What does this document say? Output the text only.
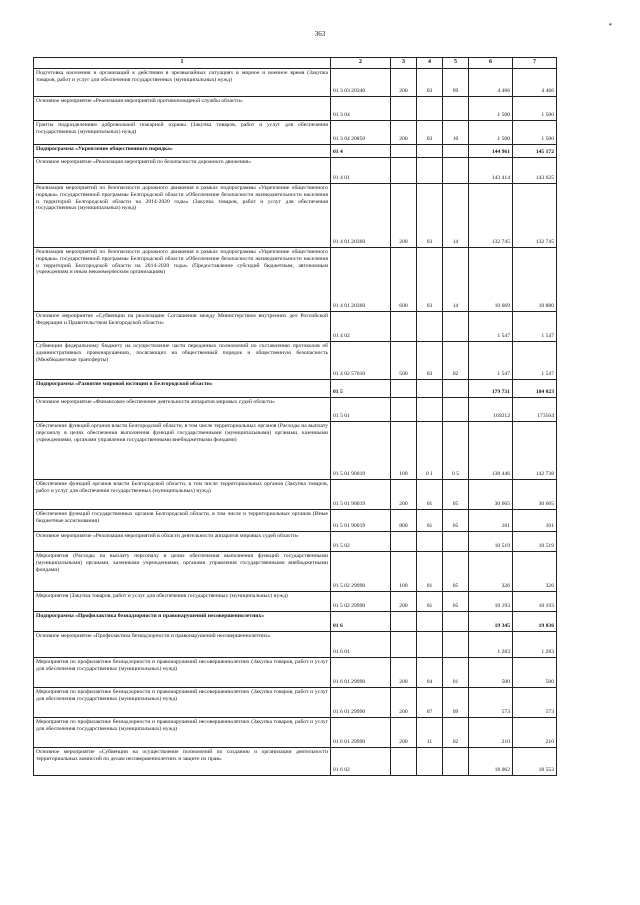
363
*
1	2	3	4	5	6	7
Подготовка населения и организаций к действиям в чрезвычайных ситуациях в мирное и военное время (Закупка товаров, работ и услуг для обеспечения государственных (муниципальных) нужд)	01 3 03 20340	200	03	09	4 466	4 466
Основное мероприятие «Реализация мероприятий противопожарной службы области»	01 3 04				1 500	1 500
Гранты подразделениям добровольной пожарной охраны (Закупка товаров, работ и услуг для обеспечения государственных (муниципальных) нужд)	01 3 04 20850	200	03	10	1 500	1 500
Подпрограмма «Укрепление общественного порядка»	01 4				144 961	145 172
Основное мероприятие «Реализация мероприятий по безопасности дорожного движения»	01 4 01				143 414	143 625
Реализация мероприятий по безопасности дорожного движения в рамках подпрограммы «Укрепление общественного порядка» государственной программы Белгородской области «Обеспечение безопасности жизнедеятельности населения и территорий Белгородской области на 2014-2020 годы» (Закупка товаров, работ и услуг для обеспечения государственных (муниципальных) нужд)	01 4 01 20360	200	03	14	132 745	132 745
Реализация мероприятий по безопасности дорожного движения в рамках подпрограммы «Укрепление общественного порядка» государственной программы Белгородской области «Обеспечение безопасности жизнедеятельности населения и территорий Белгородской области на 2014-2020 годы» (Предоставление субсидий бюджетным, автономным учреждениям и иным некоммерческим организациям)	01 4 01 20360	600	03	14	10 669	10 880
Основное мероприятие «Субвенции на реализацию Соглашения между Министерством внутренних дел Российской Федерации и Правительством Белгородской области»	01 4 02				1 547	1 547
Субвенции федеральному бюджету на осуществление части переданных полномочий по составлению протоколов об административных правонарушениях, посягающих на общественный порядок и общественную безопасность (Межбюджетные трансферты)	01 4 02 57010	500	03	02	1 547	1 547
Подпрограмма «Развитие мировой юстиции в Белгородской области»	01 5				179 731	184 023
Основное мероприятие «Финансовое обеспечение деятельности аппаратов мировых судей области»	01 5 01				169212	173504
Обеспечение функций органов власти Белгородской области, в том числе территориальных органов (Расходы на выплату персоналу в целях обеспечения выполнения функций государственными (муниципальными) органами, казенными учреждениями, органами управления государственными внебюджетными фондами)	01 5 01 90019	100	0 1	0 5	138 446	142 738
Обеспечение функций органов власти Белгородской области, в том числе территориальных органов (Закупка товаров, работ и услуг для обеспечения государственных (муниципальных) нужд)	01 5 01 90019	200	01	05	30 665	30 665
Обеспечение функций государственных органов Белгородской области, в том числе и территориальных органов (Иные бюджетные ассигнования)	01 5 01 90019	800	01	05	101	101
Основное мероприятие «Реализация мероприятий в области деятельности аппаратов мировых судей области»	01 5 02				10 519	10 519
Мероприятия (Расходы на выплату персоналу в целях обеспечения выполнения функций государственными (муниципальными) органами, казенными учреждениями, органами управления государственными внебюджетными фондами)	01 5 02 29990	100	01	05	326	326
Мероприятия (Закупка товаров, работ и услуг для обеспечения государственных (муниципальных) нужд)	01 5 02 29990	200	01	05	10 193	10 193
Подпрограмма «Профилактика безнадзорности и правонарушений несовершеннолетних»	01 6				19 345	19 836
Основное мероприятие «Профилактика безнадзорности и правонарушений несовершеннолетних»	01 6 01				1 283	1 283
Мероприятия по профилактике безнадзорности и правонарушений несовершеннолетних (Закупка товаров, работ и услуг для обеспечения государственных (муниципальных) нужд)	01 6 01 29990	200	04	01	500	500
Мероприятия по профилактике безнадзорности и правонарушений несовершеннолетних (Закупка товаров, работ и услуг для обеспечения государственных (муниципальных) нужд)	01 6 01 29990	200	07	09	573	573
Мероприятия по профилактике безнадзорности и правонарушений несовершеннолетних (Закупка товаров, работ и услуг для обеспечения государственных (муниципальных) нужд)	01 6 01 29990	200	11	02	210	210
Основное мероприятие «Субвенции на осуществление полномочий по созданию и организации деятельности территориальных комиссий по делам несовершеннолетних и защите их прав»	01 6 02				18 062	18 553
